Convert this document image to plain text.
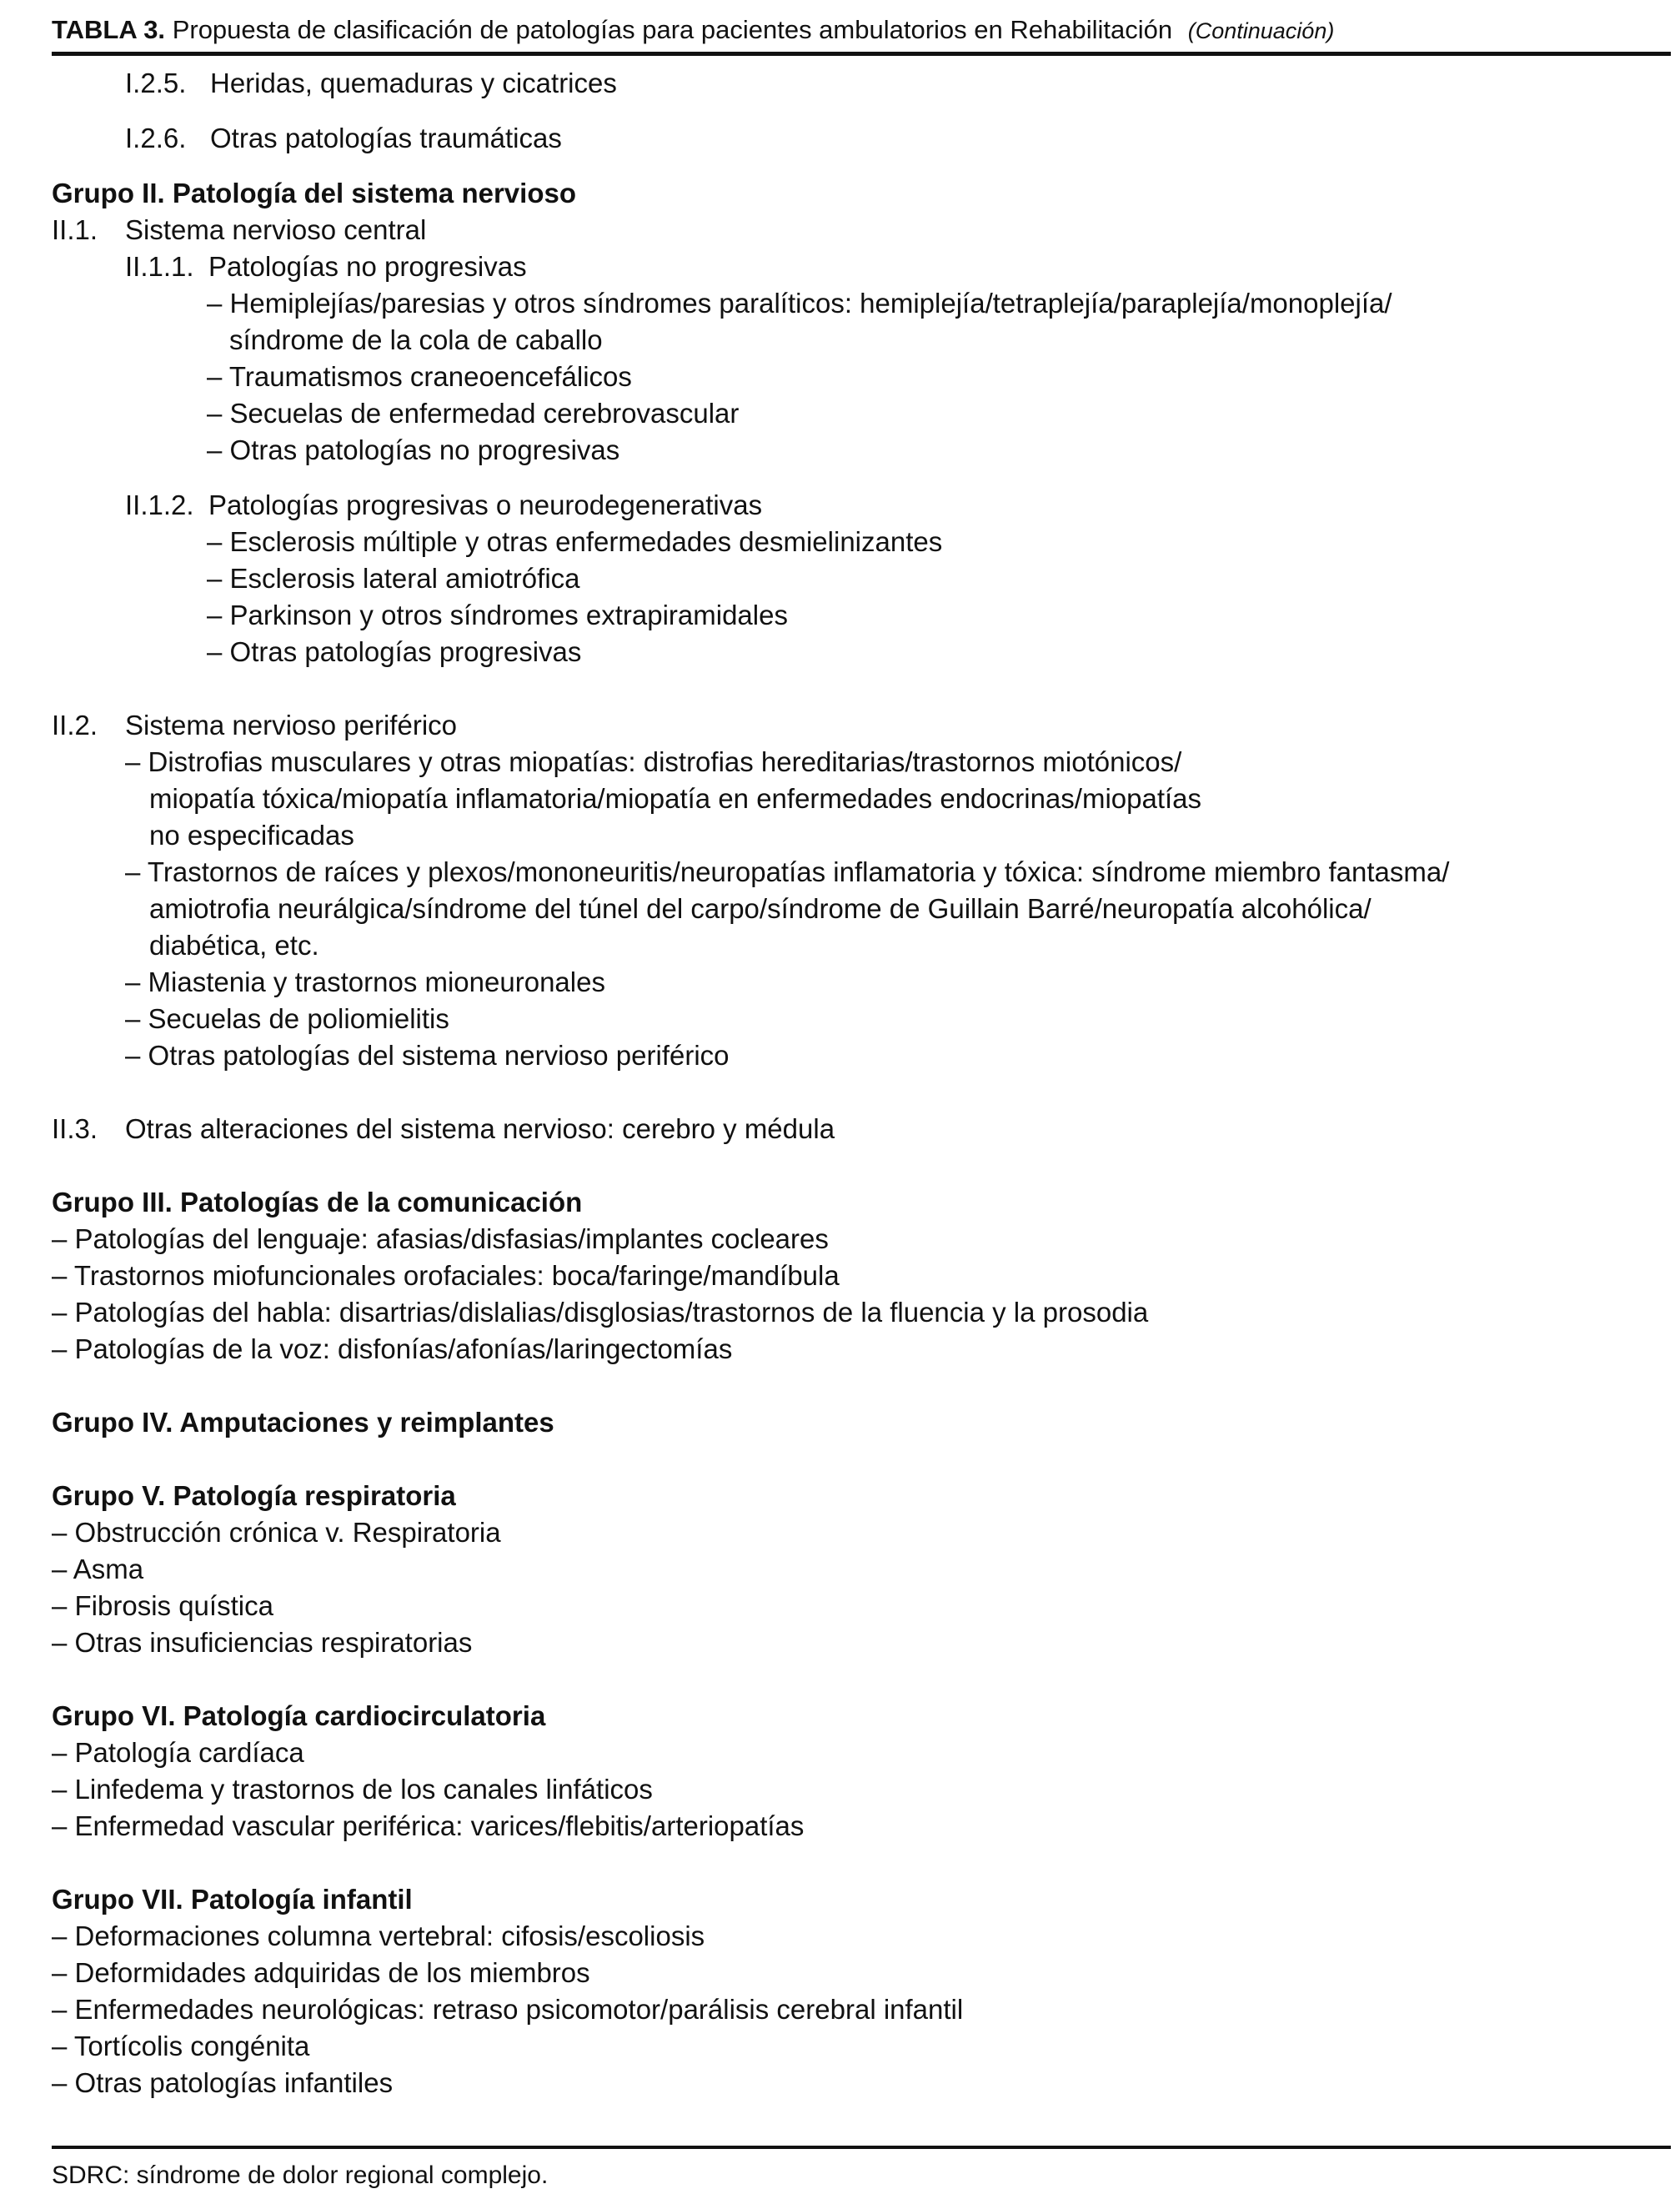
TABLA 3. Propuesta de clasificación de patologías para pacientes ambulatorios en Rehabilitación (Continuación)
I.2.5. Heridas, quemaduras y cicatrices
I.2.6. Otras patologías traumáticas
Grupo II. Patología del sistema nervioso
II.1. Sistema nervioso central
II.1.1. Patologías no progresivas
– Hemiplejías/paresias y otros síndromes paralíticos: hemiplejía/tetraplejía/paraplejía/monoplejía/
síndrome de la cola de caballo
– Traumatismos craneoencefálicos
– Secuelas de enfermedad cerebrovascular
– Otras patologías no progresivas
II.1.2. Patologías progresivas o neurodegenerativas
– Esclerosis múltiple y otras enfermedades desmielinizantes
– Esclerosis lateral amiotrófica
– Parkinson y otros síndromes extrapiramidales
– Otras patologías progresivas
II.2. Sistema nervioso periférico
– Distrofias musculares y otras miopatías: distrofias hereditarias/trastornos miotónicos/
miopatía tóxica/miopatía inflamatoria/miopatía en enfermedades endocrinas/miopatías
no especificadas
– Trastornos de raíces y plexos/mononeuritis/neuropatías inflamatoria y tóxica: síndrome miembro fantasma/
amiotrofia neurálgica/síndrome del túnel del carpo/síndrome de Guillain Barré/neuropatía alcohólica/
diabética, etc.
– Miastenia y trastornos mioneuronales
– Secuelas de poliomielitis
– Otras patologías del sistema nervioso periférico
II.3. Otras alteraciones del sistema nervioso: cerebro y médula
Grupo III. Patologías de la comunicación
– Patologías del lenguaje: afasias/disfasias/implantes cocleares
– Trastornos miofuncionales orofaciales: boca/faringe/mandíbula
– Patologías del habla: disartrias/dislalias/disglosias/trastornos de la fluencia y la prosodia
– Patologías de la voz: disfonías/afonías/laringectomías
Grupo IV. Amputaciones y reimplantes
Grupo V. Patología respiratoria
– Obstrucción crónica v. Respiratoria
– Asma
– Fibrosis quística
– Otras insuficiencias respiratorias
Grupo VI. Patología cardiocirculatoria
– Patología cardíaca
– Linfedema y trastornos de los canales linfáticos
– Enfermedad vascular periférica: varices/flebitis/arteriopatías
Grupo VII. Patología infantil
– Deformaciones columna vertebral: cifosis/escoliosis
– Deformidades adquiridas de los miembros
– Enfermedades neurológicas: retraso psicomotor/parálisis cerebral infantil
– Tortícolis congénita
– Otras patologías infantiles
SDRC: síndrome de dolor regional complejo.
